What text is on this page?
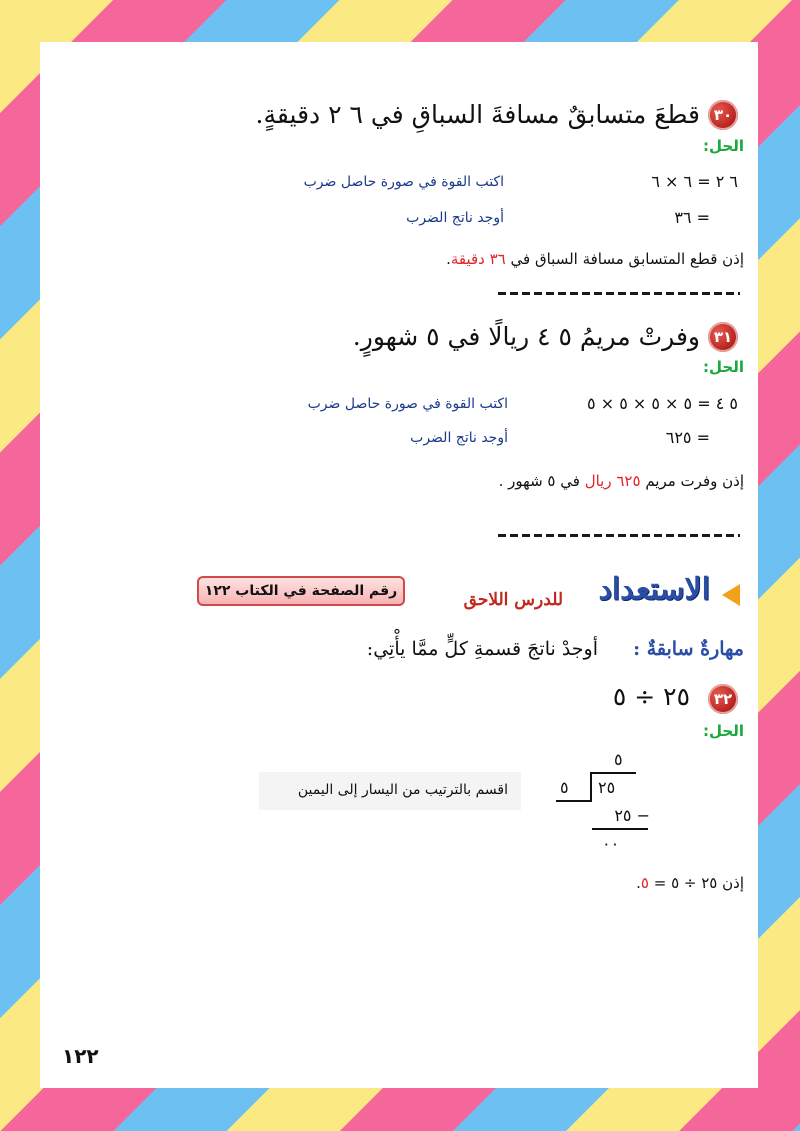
٣٠
قطعَ متسابقٌ مسافةَ السباقِ في ٦ ٢ دقيقةٍ.
الحل:
٦ ٢ = ٦ × ٦
اكتب القوة في صورة حاصل ضرب
= ٣٦
أوجد ناتج الضرب
إذن قطع المتسابق مسافة السباق في ٣٦ دقيقة.
٣١
وفرتْ مريمُ ٥ ٤ ريالًا في ٥ شهورٍ.
الحل:
٥ ٤ = ٥ × ٥ × ٥ × ٥
اكتب القوة في صورة حاصل ضرب
= ٦٢٥
أوجد ناتج الضرب
إذن وفرت مريم ٦٢٥ ريال في ٥ شهور .
الاستعداد
للدرس اللاحق
رقم الصفحة في الكتاب ١٢٢
مهارةٌ سابقةٌ :
أوجدْ ناتجَ قسمةِ كلٍّ ممَّا يأْتِي:
٣٢
٢٥ ÷ ٥
الحل:
٥
٢٥
٥
− ٢٥
٠٠
اقسم بالترتيب من اليسار إلى اليمين
إذن ٢٥ ÷ ٥ = ٥.
١٢٢
